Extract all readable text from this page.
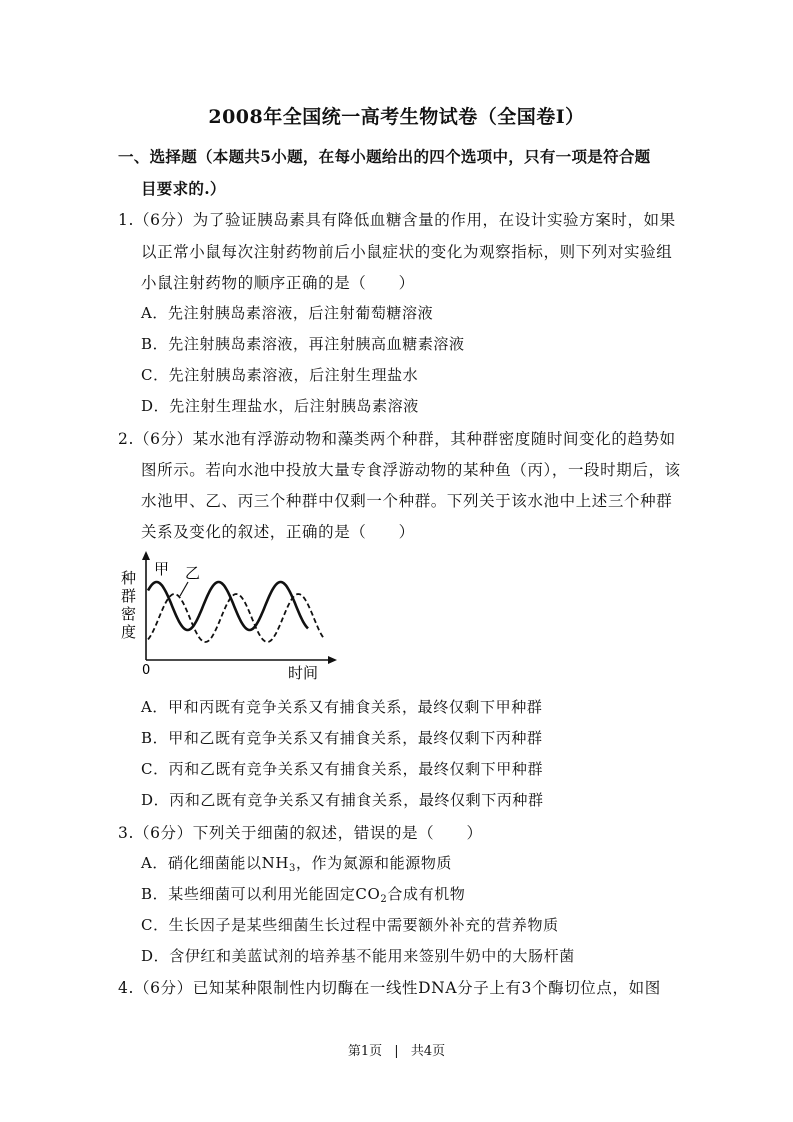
2008年全国统一高考生物试卷（全国卷Ⅰ）
一、选择题（本题共5小题，在每小题给出的四个选项中，只有一项是符合题
目要求的.）
1.（6分）为了验证胰岛素具有降低血糖含量的作用，在设计实验方案时，如果
以正常小鼠每次注射药物前后小鼠症状的变化为观察指标，则下列对实验组
小鼠注射药物的顺序正确的是（　　）
A．先注射胰岛素溶液，后注射葡萄糖溶液
B．先注射胰岛素溶液，再注射胰高血糖素溶液
C．先注射胰岛素溶液，后注射生理盐水
D．先注射生理盐水，后注射胰岛素溶液
2.（6分）某水池有浮游动物和藻类两个种群，其种群密度随时间变化的趋势如
图所示。若向水池中投放大量专食浮游动物的某种鱼（丙），一段时期后，该
水池甲、乙、丙三个种群中仅剩一个种群。下列关于该水池中上述三个种群
关系及变化的叙述，正确的是（　　）
种
群
密
度
甲 乙
0	时间
A．甲和丙既有竞争关系又有捕食关系，最终仅剩下甲种群
B．甲和乙既有竞争关系又有捕食关系，最终仅剩下丙种群
C．丙和乙既有竞争关系又有捕食关系，最终仅剩下甲种群
D．丙和乙既有竞争关系又有捕食关系，最终仅剩下丙种群
3.（6分）下列关于细菌的叙述，错误的是（　　）
A．硝化细菌能以$NH_3$，作为氮源和能源物质
B．某些细菌可以利用光能固定$CO_2$合成有机物
C．生长因子是某些细菌生长过程中需要额外补充的营养物质
D．含伊红和美蓝试剂的培养基不能用来签别牛奶中的大肠杆菌
4.（6分）已知某种限制性内切酶在一线性DNA分子上有3个酶切位点，如图
第1页 | 共4页
